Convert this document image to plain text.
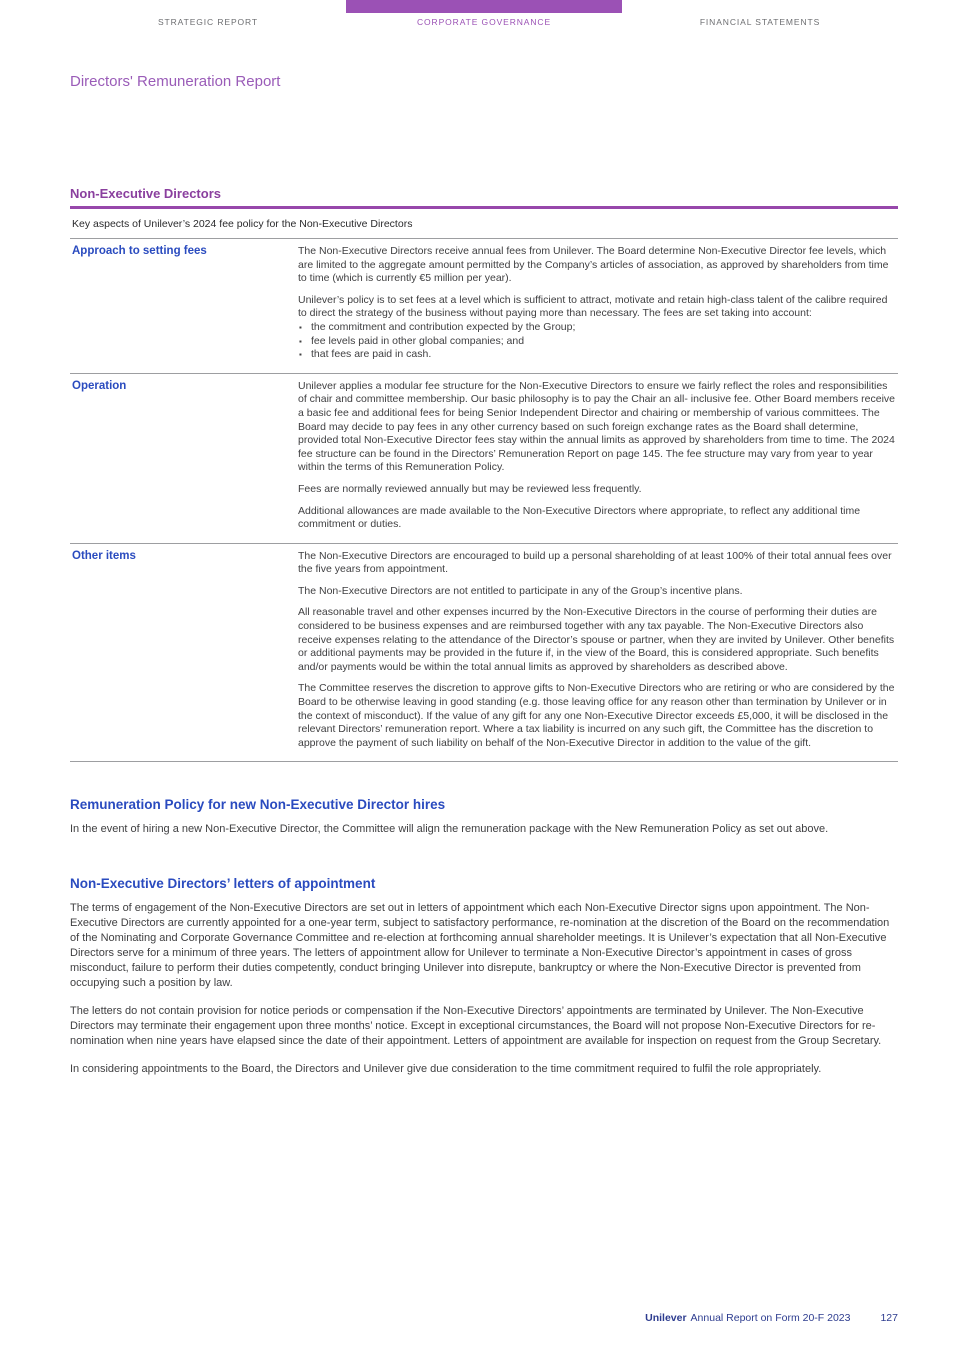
STRATEGIC REPORT	CORPORATE GOVERNANCE	FINANCIAL STATEMENTS
Directors' Remuneration Report
Non-Executive Directors
Key aspects of Unilever’s 2024 fee policy for the Non-Executive Directors
Approach to setting fees	The Non-Executive Directors receive annual fees from Unilever. The Board determine Non-Executive Director fee levels, which are limited to the aggregate amount permitted by the Company’s articles of association, as approved by shareholders from time to time (which is currently €5 million per year).

Unilever’s policy is to set fees at a level which is sufficient to attract, motivate and retain high-class talent of the calibre required to direct the strategy of the business without paying more than necessary. The fees are set taking into account:

▪ the commitment and contribution expected by the Group;
▪ fee levels paid in other global companies; and
▪ that fees are paid in cash.
Operation	Unilever applies a modular fee structure for the Non-Executive Directors to ensure we fairly reflect the roles and responsibilities of chair and committee membership. Our basic philosophy is to pay the Chair an all- inclusive fee. Other Board members receive a basic fee and additional fees for being Senior Independent Director and chairing or membership of various committees. The Board may decide to pay fees in any other currency based on such foreign exchange rates as the Board shall determine, provided total Non-Executive Director fees stay within the annual limits as approved by shareholders from time to time. The 2024 fee structure can be found in the Directors’ Remuneration Report on page 145. The fee structure may vary from year to year within the terms of this Remuneration Policy.

Fees are normally reviewed annually but may be reviewed less frequently.

Additional allowances are made available to the Non-Executive Directors where appropriate, to reflect any additional time commitment or duties.

Other items	The Non-Executive Directors are encouraged to build up a personal shareholding of at least 100% of their total annual fees over the five years from appointment.

The Non-Executive Directors are not entitled to participate in any of the Group’s incentive plans.

All reasonable travel and other expenses incurred by the Non-Executive Directors in the course of performing their duties are considered to be business expenses and are reimbursed together with any tax payable. The Non-Executive Directors also receive expenses relating to the attendance of the Director’s spouse or partner, when they are invited by Unilever. Other benefits or additional payments may be provided in the future if, in the view of the Board, this is considered appropriate. Such benefits and/or payments would be within the total annual limits as approved by shareholders as described above.

The Committee reserves the discretion to approve gifts to Non-Executive Directors who are retiring or who are considered by the Board to be otherwise leaving in good standing (e.g. those leaving office for any reason other than termination by Unilever or in the context of misconduct). If the value of any gift for any one Non-Executive Director exceeds £5,000, it will be disclosed in the relevant Directors’ remuneration report. Where a tax liability is incurred on any such gift, the Committee has the discretion to approve the payment of such liability on behalf of the Non-Executive Director in addition to the value of the gift.

Remuneration Policy for new Non-Executive Director hires

In the event of hiring a new Non-Executive Director, the Committee will align the remuneration package with the New Remuneration Policy as set out above.

Non-Executive Directors’ letters of appointment

The terms of engagement of the Non-Executive Directors are set out in letters of appointment which each Non-Executive Director signs upon appointment. The Non-Executive Directors are currently appointed for a one-year term, subject to satisfactory performance, re-nomination at the discretion of the Board on the recommendation of the Nominating and Corporate Governance Committee and re-election at forthcoming annual shareholder meetings. It is Unilever’s expectation that all Non-Executive Directors serve for a minimum of three years. The letters of appointment allow for Unilever to terminate a Non-Executive Director’s appointment in cases of gross misconduct, failure to perform their duties competently, conduct bringing Unilever into disrepute, bankruptcy or where the Non-Executive Director is prevented from occupying such a position by law.

The letters do not contain provision for notice periods or compensation if the Non-Executive Directors’ appointments are terminated by Unilever. The Non-Executive Directors may terminate their engagement upon three months’ notice. Except in exceptional circumstances, the Board will not propose Non-Executive Directors for re-nomination when nine years have elapsed since the date of their appointment. Letters of appointment are available for inspection on request from the Group Secretary.

In considering appointments to the Board, the Directors and Unilever give due consideration to the time commitment required to fulfil the role appropriately.

Unilever Annual Report on Form 20-F 2023	127
